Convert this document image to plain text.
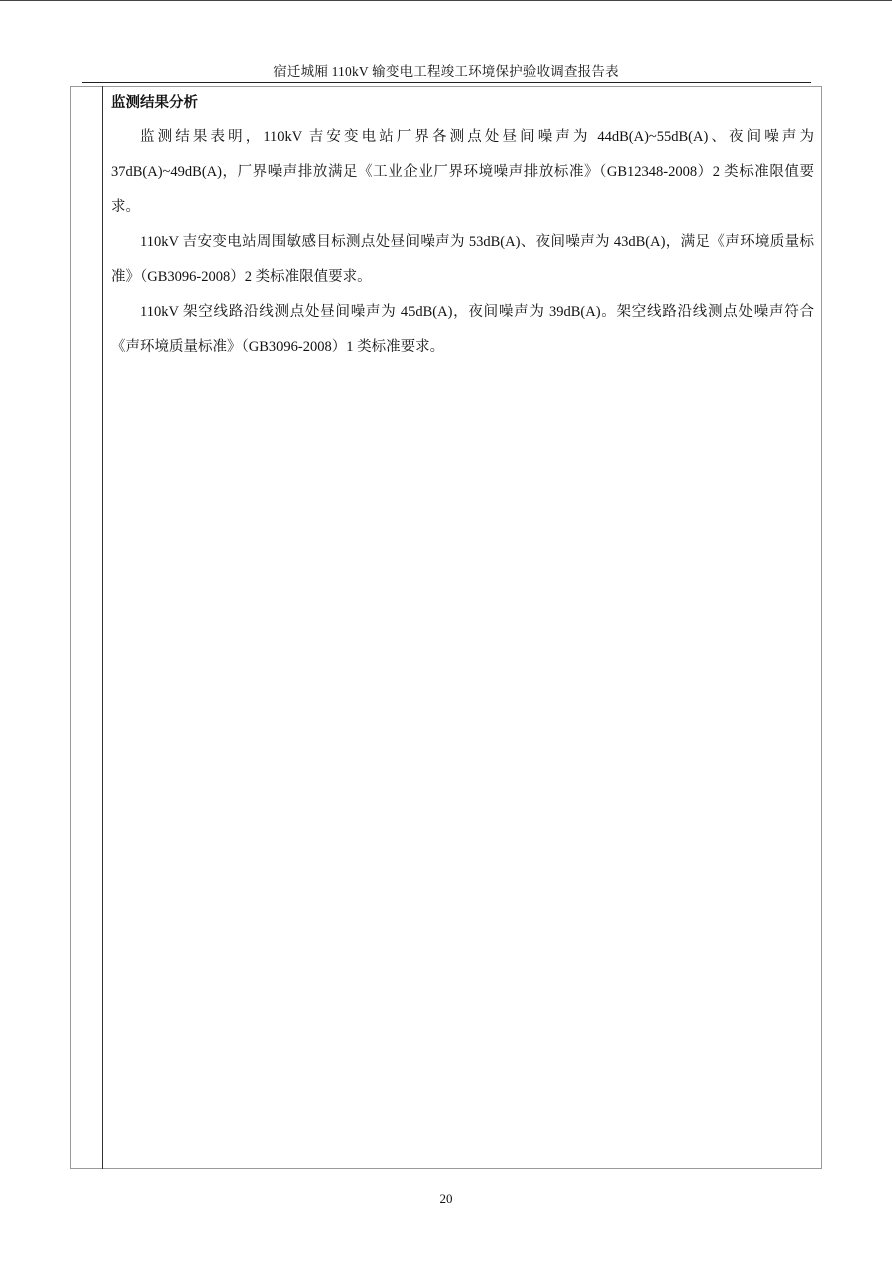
宿迁城厢 110kV 输变电工程竣工环境保护验收调查报告表
监测结果分析

监测结果表明，110kV 吉安变电站厂界各测点处昼间噪声为 44dB(A)~55dB(A)、夜间噪声为 37dB(A)~49dB(A)，厂界噪声排放满足《工业企业厂界环境噪声排放标准》（GB12348-2008）2 类标准限值要求。

110kV 吉安变电站周围敏感目标测点处昼间噪声为 53dB(A)、夜间噪声为 43dB(A)，满足《声环境质量标准》（GB3096-2008）2 类标准限值要求。

110kV 架空线路沿线测点处昼间噪声为 45dB(A)，夜间噪声为 39dB(A)。架空线路沿线测点处噪声符合《声环境质量标准》（GB3096-2008）1 类标准要求。

20
